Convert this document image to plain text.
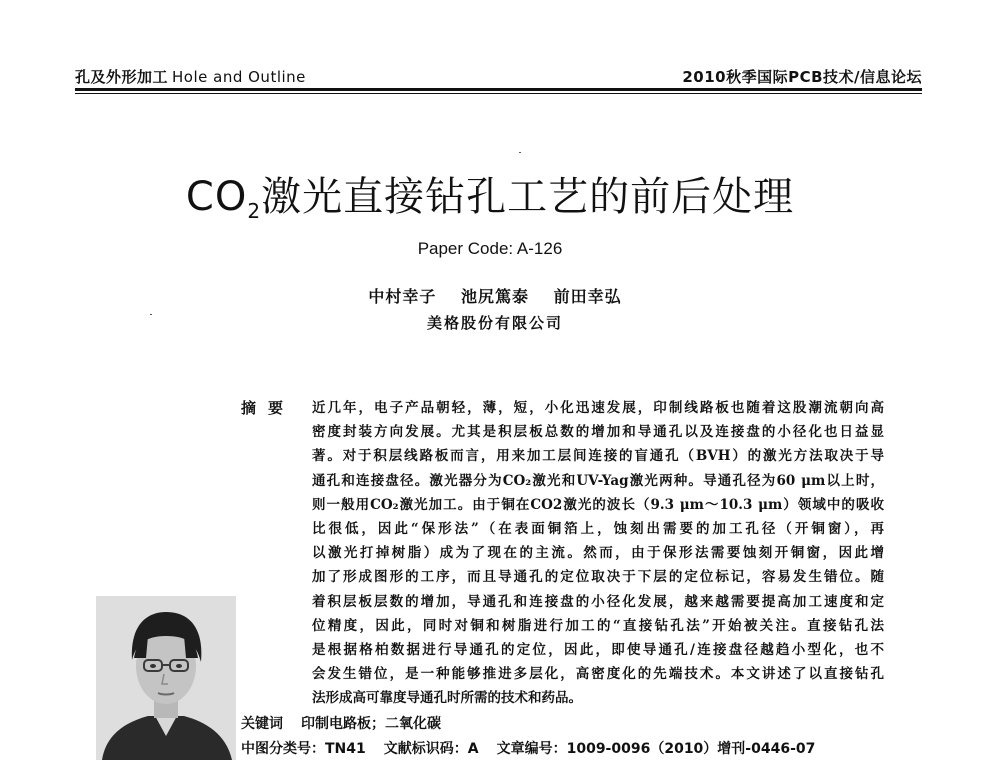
孔及外形加工 Hole and Outline	2010秋季国际PCB技术/信息论坛
$CO_2$激光直接钻孔工艺的前后处理
Paper Code: A-126
中村幸子 池尻篤泰 前田幸弘
美格股份有限公司
摘要 近几年，电子产品朝轻，薄，短，小化迅速发展，印制线路板也随着这股潮流朝向高
密度封装方向发展。尤其是积层板总数的增加和导通孔以及连接盘的小径化也日益显
著。对于积层线路板而言，用来加工层间连接的盲通孔（BVH）的激光方法取决于导
通孔和连接盘径。激光器分为CO₂激光和UV-Yag激光两种。导通孔径为60 μm以上时，
则一般用CO₂激光加工。由于铜在CO2激光的波长（9.3 μm～10.3 μm）领域中的吸收
比很低，因此“保形法”（在表面铜箔上，蚀刻出需要的加工孔径（开铜窗），再
以激光打掉树脂）成为了现在的主流。然而，由于保形法需要蚀刻开铜窗，因此增
加了形成图形的工序，而且导通孔的定位取决于下层的定位标记，容易发生错位。随
着积层板层数的增加，导通孔和连接盘的小径化发展，越来越需要提高加工速度和定
位精度，因此，同时对铜和树脂进行加工的“直接钻孔法”开始被关注。直接钻孔法
是根据格柏数据进行导通孔的定位，因此，即使导通孔/连接盘径越趋小型化，也不
会发生错位，是一种能够推进多层化，高密度化的先端技术。本文讲述了以直接钻孔
法形成高可靠度导通孔时所需的技术和药品。
关键词 印制电路板；二氧化碳
中图分类号：TN41 文献标识码：A 文章编号：1009-0096（2010）增刊-0446-07
